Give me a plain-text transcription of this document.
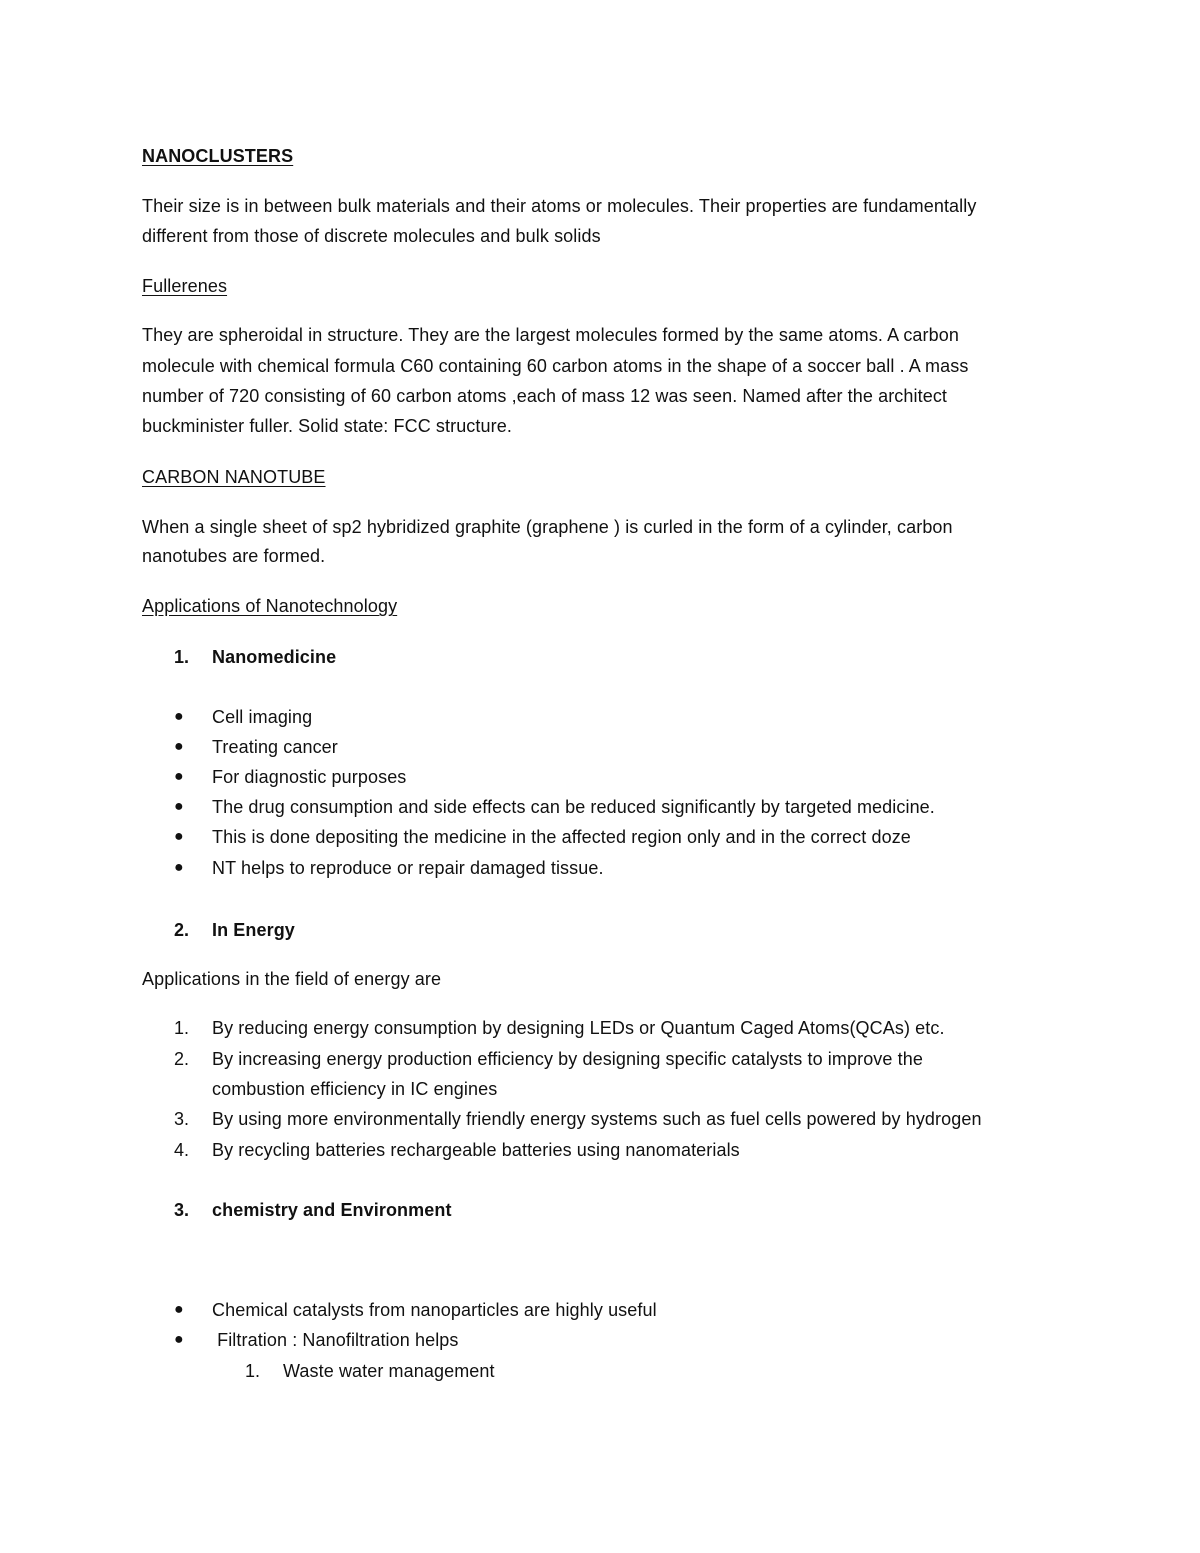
NANOCLUSTERS
Their size is in between bulk materials and their atoms or molecules. Their properties are fundamentally
different from those of discrete molecules and bulk solids
Fullerenes
They are spheroidal in structure. They are the largest molecules formed by the same atoms. A carbon
molecule with chemical formula C60 containing 60 carbon atoms in the shape of a soccer ball . A mass
number of 720 consisting of 60 carbon atoms ,each of mass 12 was seen. Named after the architect
buckminister fuller. Solid state: FCC structure.
CARBON NANOTUBE
When a single sheet of sp2 hybridized graphite (graphene ) is curled in the form of a cylinder, carbon
nanotubes are formed.
Applications of Nanotechnology
1. Nanomedicine
● Cell imaging
● Treating cancer
● For diagnostic purposes
● The drug consumption and side effects can be reduced significantly by targeted medicine.
● This is done depositing the medicine in the affected region only and in the correct doze
● NT helps to reproduce or repair damaged tissue.
2. In Energy
Applications in the field of energy are
1. By reducing energy consumption by designing LEDs or Quantum Caged Atoms(QCAs) etc.
2. By increasing energy production efficiency by designing specific catalysts to improve the
combustion efficiency in IC engines
3. By using more environmentally friendly energy systems such as fuel cells powered by hydrogen
4. By recycling batteries rechargeable batteries using nanomaterials
3. chemistry and Environment
● Chemical catalysts from nanoparticles are highly useful
● Filtration : Nanofiltration helps
1. Waste water management
